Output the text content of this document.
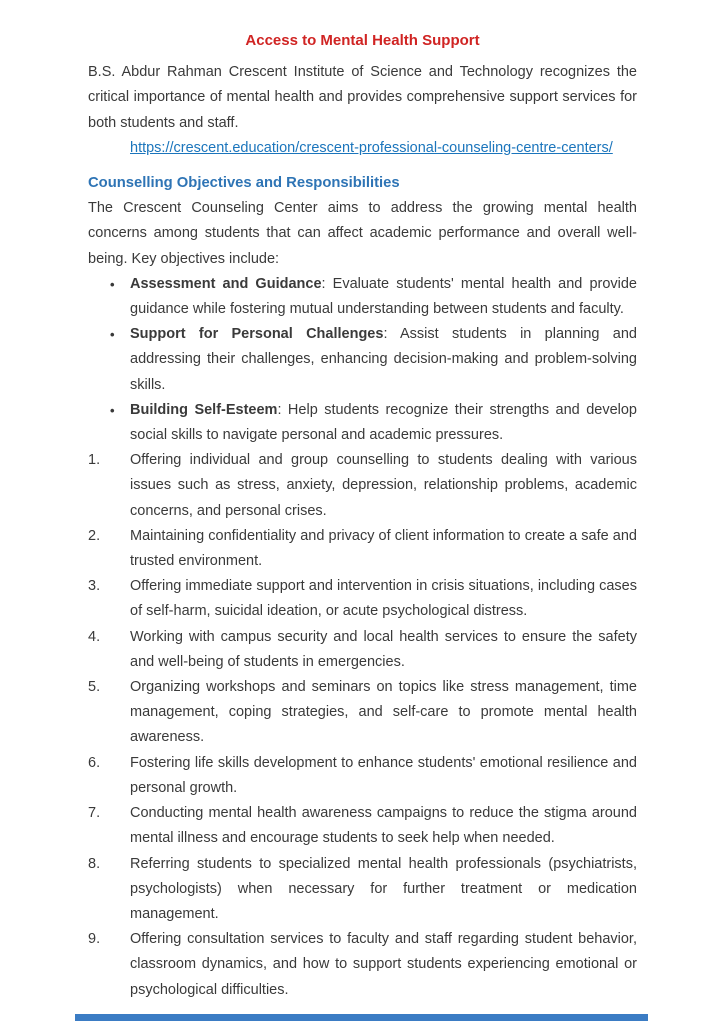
Access to Mental Health Support

B.S. Abdur Rahman Crescent Institute of Science and Technology recognizes the critical importance of mental health and provides comprehensive support services for both students and staff.

https://crescent.education/crescent-professional-counseling-centre-centers/

Counselling Objectives and Responsibilities

The Crescent Counseling Center aims to address the growing mental health concerns among students that can affect academic performance and overall well-being. Key objectives include:

• Assessment and Guidance: Evaluate students' mental health and provide guidance while fostering mutual understanding between students and faculty.
• Support for Personal Challenges: Assist students in planning and addressing their challenges, enhancing decision-making and problem-solving skills.
• Building Self-Esteem: Help students recognize their strengths and develop social skills to navigate personal and academic pressures.
1. Offering individual and group counselling to students dealing with various issues such as stress, anxiety, depression, relationship problems, academic concerns, and personal crises.
2. Maintaining confidentiality and privacy of client information to create a safe and trusted environment.
3. Offering immediate support and intervention in crisis situations, including cases of self-harm, suicidal ideation, or acute psychological distress.
4. Working with campus security and local health services to ensure the safety and well-being of students in emergencies.
5. Organizing workshops and seminars on topics like stress management, time management, coping strategies, and self-care to promote mental health awareness.
6. Fostering life skills development to enhance students' emotional resilience and personal growth.
7. Conducting mental health awareness campaigns to reduce the stigma around mental illness and encourage students to seek help when needed.
8. Referring students to specialized mental health professionals (psychiatrists, psychologists) when necessary for further treatment or medication management.
9. Offering consultation services to faculty and staff regarding student behavior, classroom dynamics, and how to support students experiencing emotional or psychological difficulties.
